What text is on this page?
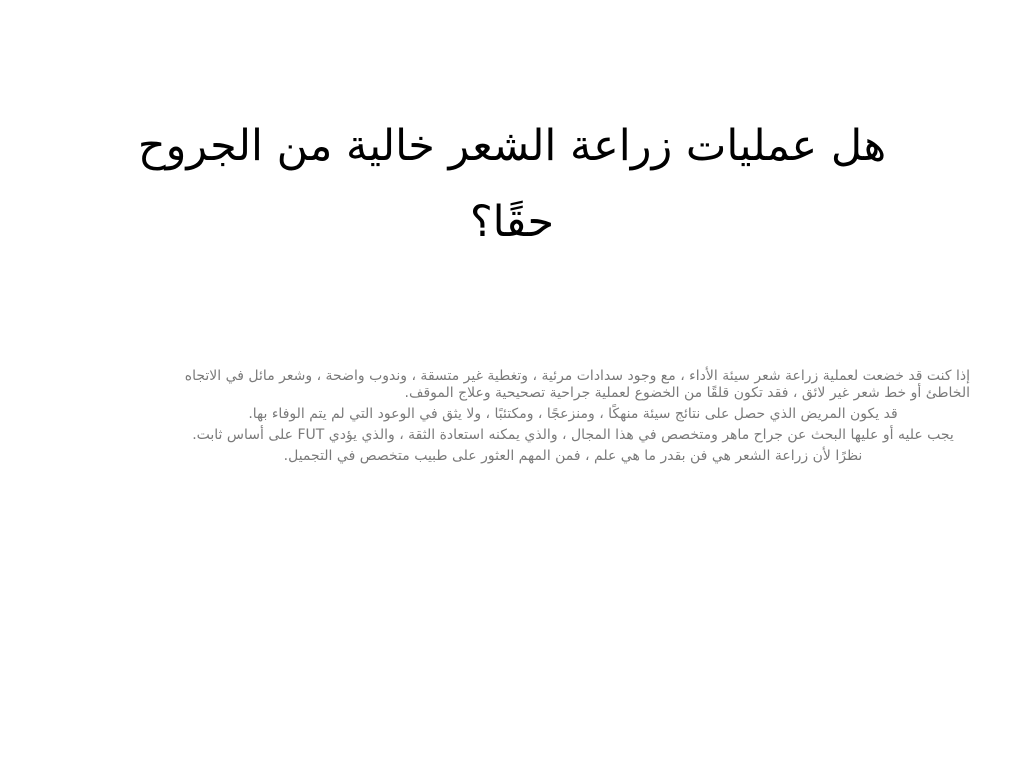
هل عمليات زراعة الشعر خالية من الجروح حقًا؟

إذا كنت قد خضعت لعملية زراعة شعر سيئة الأداء ، مع وجود سدادات مرئية ، وتغطية غير متسقة ، وندوب واضحة ، وشعر مائل في الاتجاه الخاطئ أو خط شعر غير لائق ، فقد تكون قلقًا من الخضوع لعملية جراحية تصحيحية وعلاج الموقف.

قد يكون المريض الذي حصل على نتائج سيئة منهكًا ، ومنزعجًا ، ومكتئبًا ، ولا يثق في الوعود التي لم يتم الوفاء بها.

يجب عليه أو عليها البحث عن جراح ماهر ومتخصص في هذا المجال ، والذي يمكنه استعادة الثقة ، والذي يؤدي FUT على أساس ثابت.

نظرًا لأن زراعة الشعر هي فن بقدر ما هي علم ، فمن المهم العثور على طبيب متخصص في التجميل.
